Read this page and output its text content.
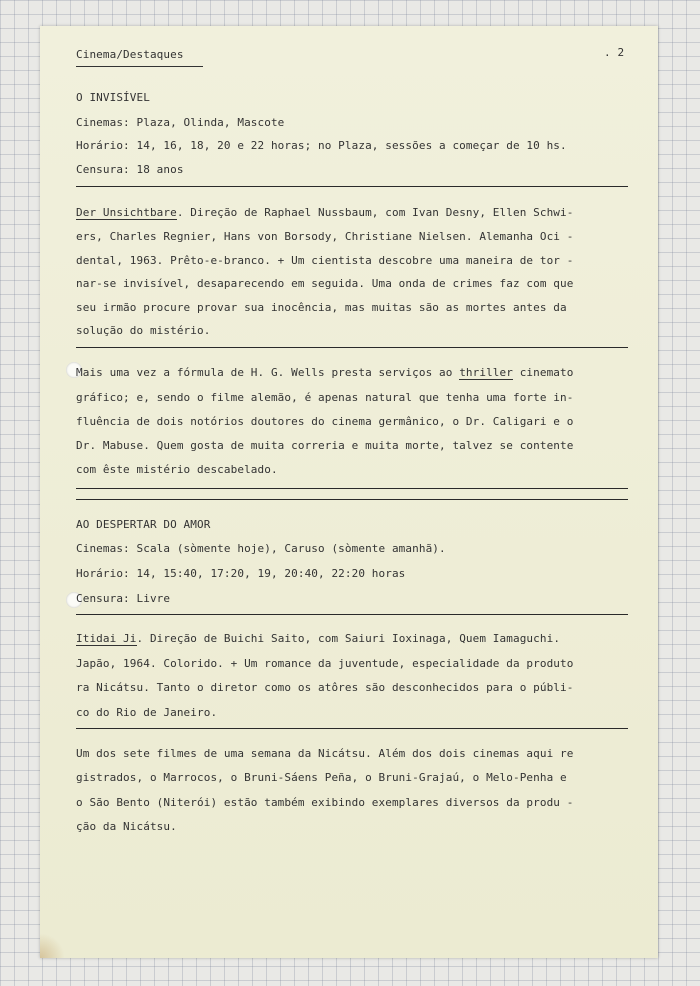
Cinema/Destaques	. 2
O INVISÍVEL
Cinemas: Plaza, Olinda, Mascote
Horário: 14, 16, 18, 20 e 22 horas; no Plaza, sessões a começar de 10 hs.
Censura: 18 anos
Der Unsichtbare. Direção de Raphael Nussbaum, com Ivan Desny, Ellen Schwi-
ers, Charles Regnier, Hans von Borsody, Christiane Nielsen. Alemanha Oci -
dental, 1963. Prêto-e-branco. + Um cientista descobre uma maneira de tor -
nar-se invisível, desaparecendo em seguida. Uma onda de crimes faz com que
seu irmão procure provar sua inocência, mas muitas são as mortes antes da
solução do mistério.
Mais uma vez a fórmula de H. G. Wells presta serviços ao thriller cinemato
gráfico; e, sendo o filme alemão, é apenas natural que tenha uma forte in-
fluência de dois notórios doutores do cinema germânico, o Dr. Caligari e o
Dr. Mabuse. Quem gosta de muita correria e muita morte, talvez se contente
com êste mistério descabelado.
AO DESPERTAR DO AMOR
Cinemas: Scala (sòmente hoje), Caruso (sòmente amanhã).
Horário: 14, 15:40, 17:20, 19, 20:40, 22:20 horas
Censura: Livre
Itidai Ji. Direção de Buichi Saito, com Saiuri Ioxinaga, Quem Iamaguchi.
Japão, 1964. Colorido. + Um romance da juventude, especialidade da produto
ra Nicátsu. Tanto o diretor como os atôres são desconhecidos para o públi-
co do Rio de Janeiro.
Um dos sete filmes de uma semana da Nicátsu. Além dos dois cinemas aqui re
gistrados, o Marrocos, o Bruni-Sáens Peña, o Bruni-Grajaú, o Melo-Penha e
o São Bento (Niterói) estão também exibindo exemplares diversos da produ -
ção da Nicátsu.
